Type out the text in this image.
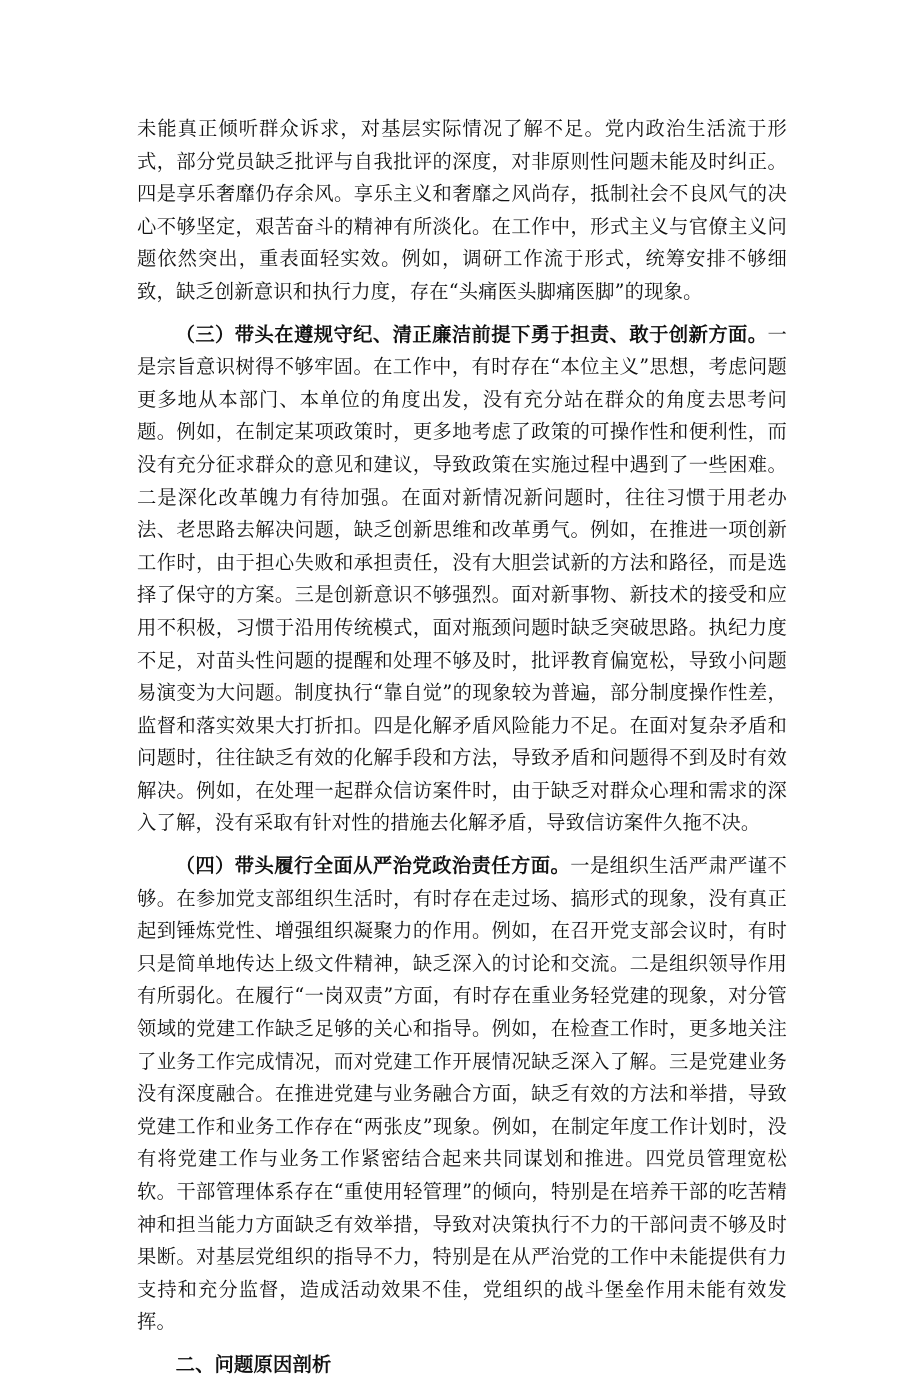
未能真正倾听群众诉求，对基层实际情况了解不足。党内政治生活流于形式，部分党员缺乏批评与自我批评的深度，对非原则性问题未能及时纠正。四是享乐奢靡仍存余风。享乐主义和奢靡之风尚存，抵制社会不良风气的决心不够坚定，艰苦奋斗的精神有所淡化。在工作中，形式主义与官僚主义问题依然突出，重表面轻实效。例如，调研工作流于形式，统筹安排不够细致，缺乏创新意识和执行力度，存在“头痛医头脚痛医脚”的现象。

（三）带头在遵规守纪、清正廉洁前提下勇于担责、敢于创新方面。一是宗旨意识树得不够牢固。在工作中，有时存在“本位主义”思想，考虑问题更多地从本部门、本单位的角度出发，没有充分站在群众的角度去思考问题。例如，在制定某项政策时，更多地考虑了政策的可操作性和便利性，而没有充分征求群众的意见和建议，导致政策在实施过程中遇到了一些困难。二是深化改革魄力有待加强。在面对新情况新问题时，往往习惯于用老办法、老思路去解决问题，缺乏创新思维和改革勇气。例如，在推进一项创新工作时，由于担心失败和承担责任，没有大胆尝试新的方法和路径，而是选择了保守的方案。三是创新意识不够强烈。面对新事物、新技术的接受和应用不积极，习惯于沿用传统模式，面对瓶颈问题时缺乏突破思路。执纪力度不足，对苗头性问题的提醒和处理不够及时，批评教育偏宽松，导致小问题易演变为大问题。制度执行“靠自觉”的现象较为普遍，部分制度操作性差，监督和落实效果大打折扣。四是化解矛盾风险能力不足。在面对复杂矛盾和问题时，往往缺乏有效的化解手段和方法，导致矛盾和问题得不到及时有效解决。例如，在处理一起群众信访案件时，由于缺乏对群众心理和需求的深入了解，没有采取有针对性的措施去化解矛盾，导致信访案件久拖不决。

（四）带头履行全面从严治党政治责任方面。一是组织生活严肃严谨不够。在参加党支部组织生活时，有时存在走过场、搞形式的现象，没有真正起到锤炼党性、增强组织凝聚力的作用。例如，在召开党支部会议时，有时只是简单地传达上级文件精神，缺乏深入的讨论和交流。二是组织领导作用有所弱化。在履行“一岗双责”方面，有时存在重业务轻党建的现象，对分管领域的党建工作缺乏足够的关心和指导。例如，在检查工作时，更多地关注了业务工作完成情况，而对党建工作开展情况缺乏深入了解。三是党建业务没有深度融合。在推进党建与业务融合方面，缺乏有效的方法和举措，导致党建工作和业务工作存在“两张皮”现象。例如，在制定年度工作计划时，没有将党建工作与业务工作紧密结合起来共同谋划和推进。四党员管理宽松软。干部管理体系存在“重使用轻管理”的倾向，特别是在培养干部的吃苦精神和担当能力方面缺乏有效举措，导致对决策执行不力的干部问责不够及时果断。对基层党组织的指导不力，特别是在从严治党的工作中未能提供有力支持和充分监督，造成活动效果不佳，党组织的战斗堡垒作用未能有效发挥。

二、问题原因剖析
